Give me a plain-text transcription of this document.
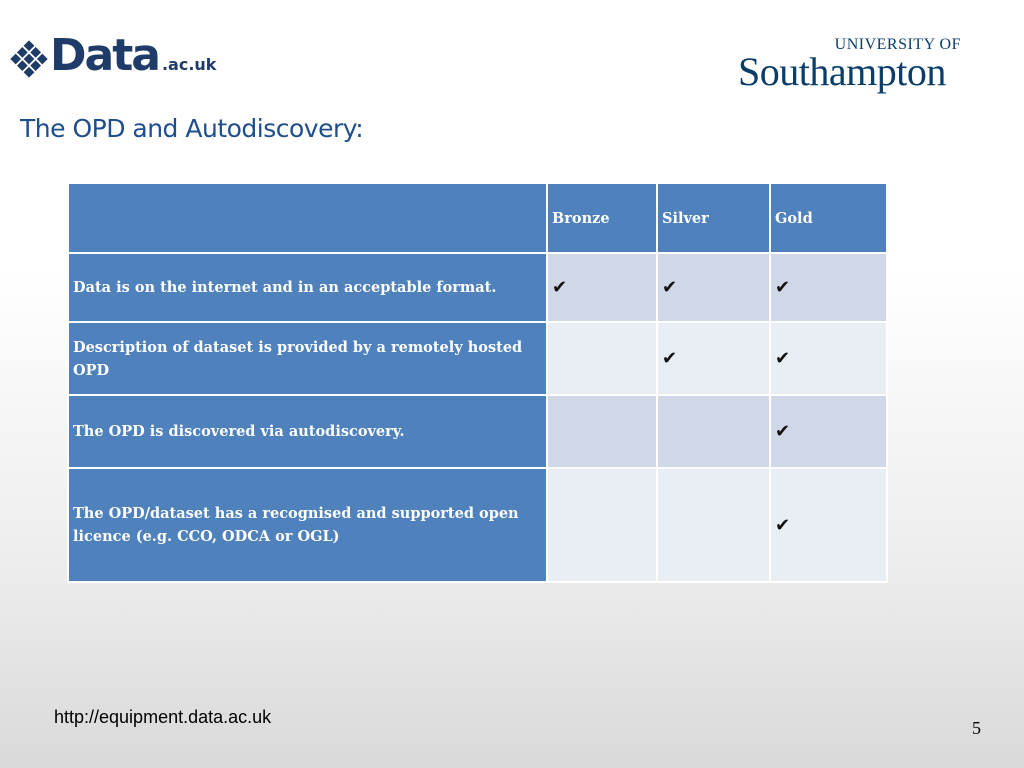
Data .ac.uk
UNIVERSITY OF
Southampton
The OPD and Autodiscovery:
	Bronze	Silver	Gold
Data is on the internet and in an acceptable format.	✔	✔	✔
Description of dataset is provided by a remotely hosted OPD		✔	✔
The OPD is discovered via autodiscovery.			✔
The OPD/dataset has a recognised and supported open licence (e.g. CCO, ODCA or OGL)			✔
http://equipment.data.ac.uk
5
